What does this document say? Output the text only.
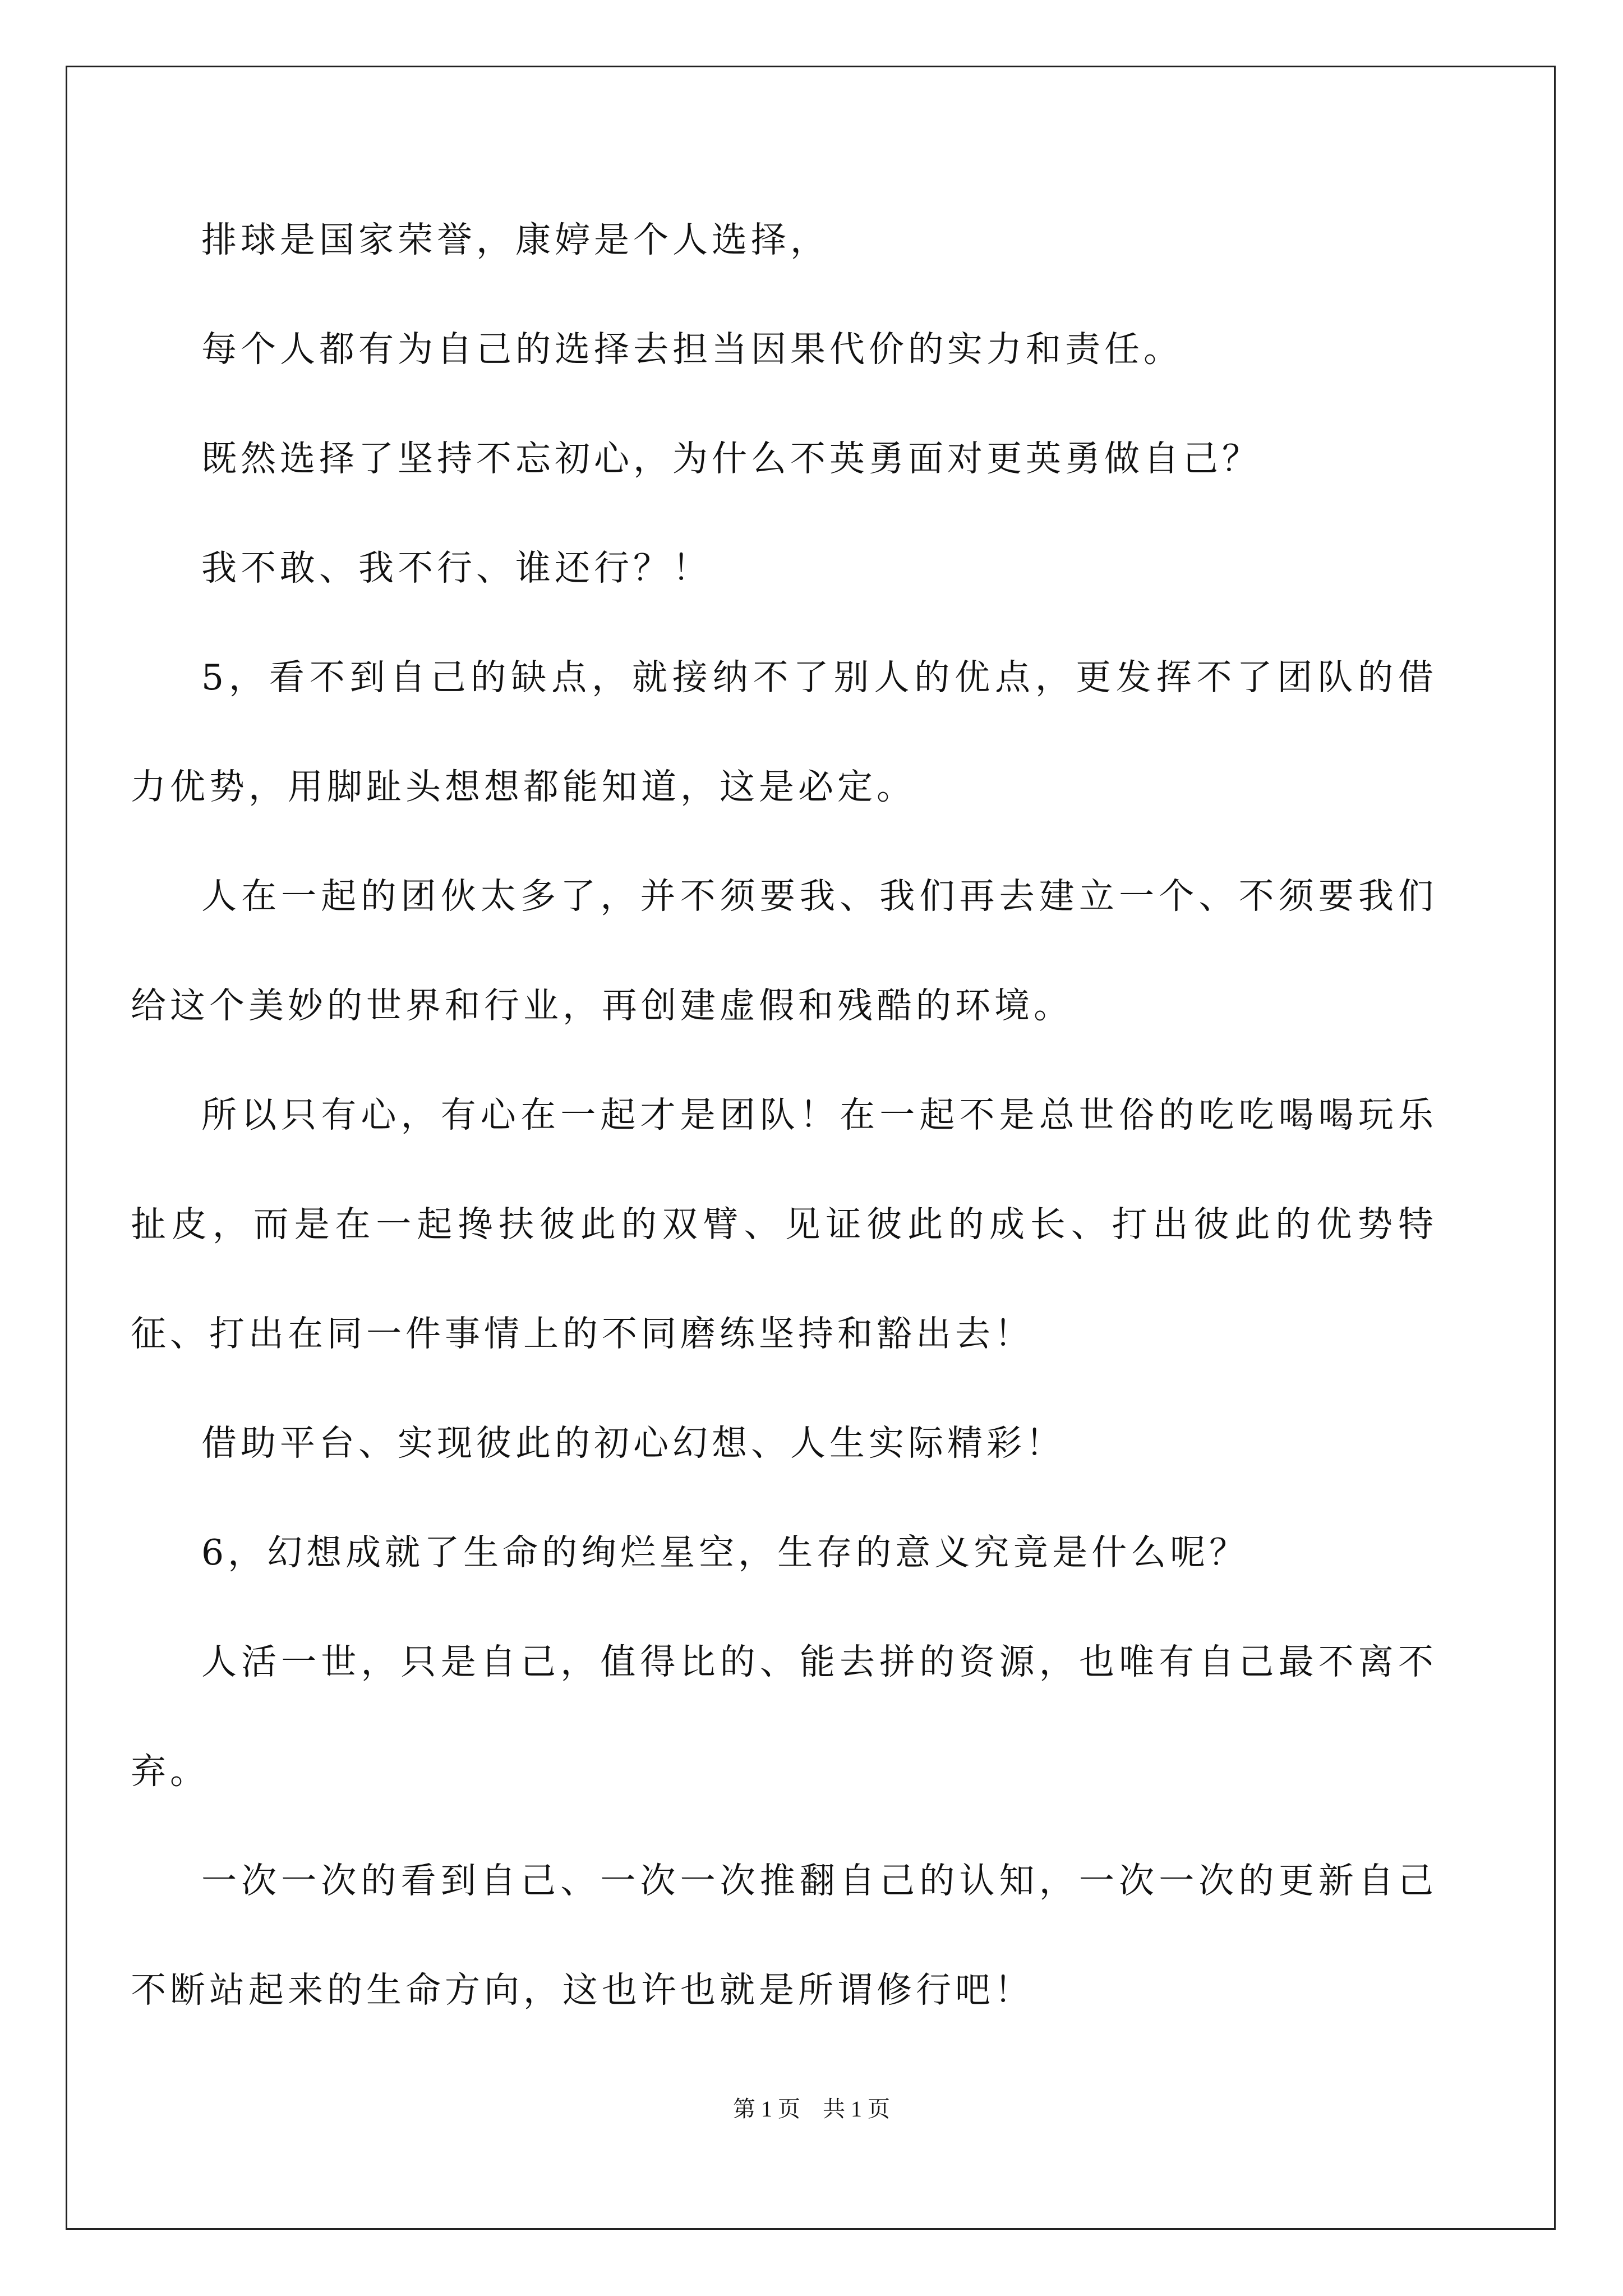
排球是国家荣誉，康婷是个人选择，

每个人都有为自己的选择去担当因果代价的实力和责任。

既然选择了坚持不忘初心，为什么不英勇面对更英勇做自己？

我不敢、我不行、谁还行？！

5，看不到自己的缺点，就接纳不了别人的优点，更发挥不了团队的借力优势，用脚趾头想想都能知道，这是必定。

人在一起的团伙太多了，并不须要我、我们再去建立一个、不须要我们给这个美妙的世界和行业，再创建虚假和残酷的环境。

所以只有心，有心在一起才是团队！在一起不是总世俗的吃吃喝喝玩乐扯皮，而是在一起搀扶彼此的双臂、见证彼此的成长、打出彼此的优势特征、打出在同一件事情上的不同磨练坚持和豁出去！

借助平台、实现彼此的初心幻想、人生实际精彩！

6，幻想成就了生命的绚烂星空，生存的意义究竟是什么呢？

人活一世，只是自己，值得比的、能去拼的资源，也唯有自己最不离不弃。

一次一次的看到自己、一次一次推翻自己的认知，一次一次的更新自己不断站起来的生命方向，这也许也就是所谓修行吧！

第 1 页　共 1 页
